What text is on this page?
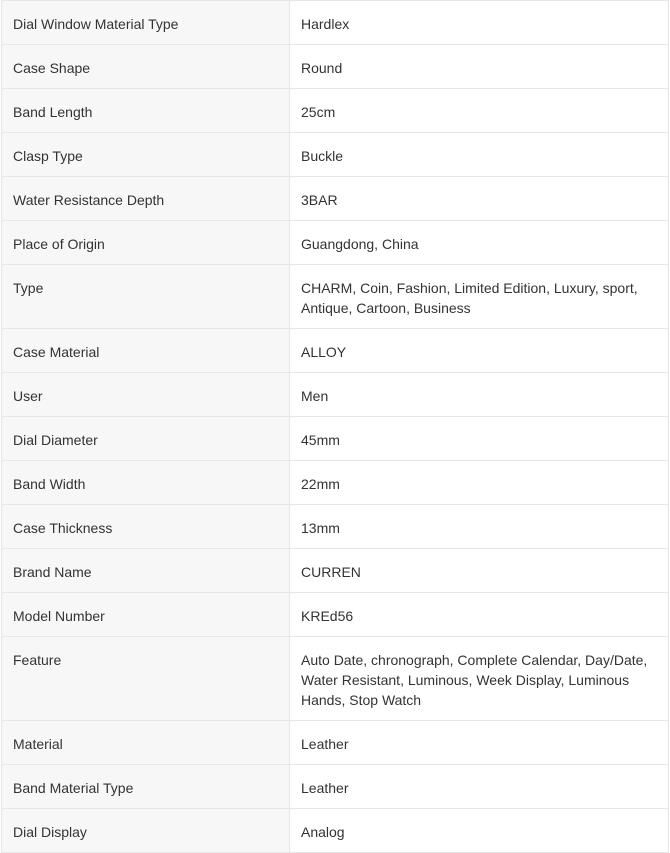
Dial Window Material Type	Hardlex
Case Shape	Round
Band Length	25cm
Clasp Type	Buckle
Water Resistance Depth	3BAR
Place of Origin	Guangdong, China
Type	CHARM, Coin, Fashion, Limited Edition, Luxury, sport, Antique, Cartoon, Business
Case Material	ALLOY
User	Men
Dial Diameter	45mm
Band Width	22mm
Case Thickness	13mm
Brand Name	CURREN
Model Number	KREd56
Feature	Auto Date, chronograph, Complete Calendar, Day/Date, Water Resistant, Luminous, Week Display, Luminous Hands, Stop Watch
Material	Leather
Band Material Type	Leather
Dial Display	Analog
